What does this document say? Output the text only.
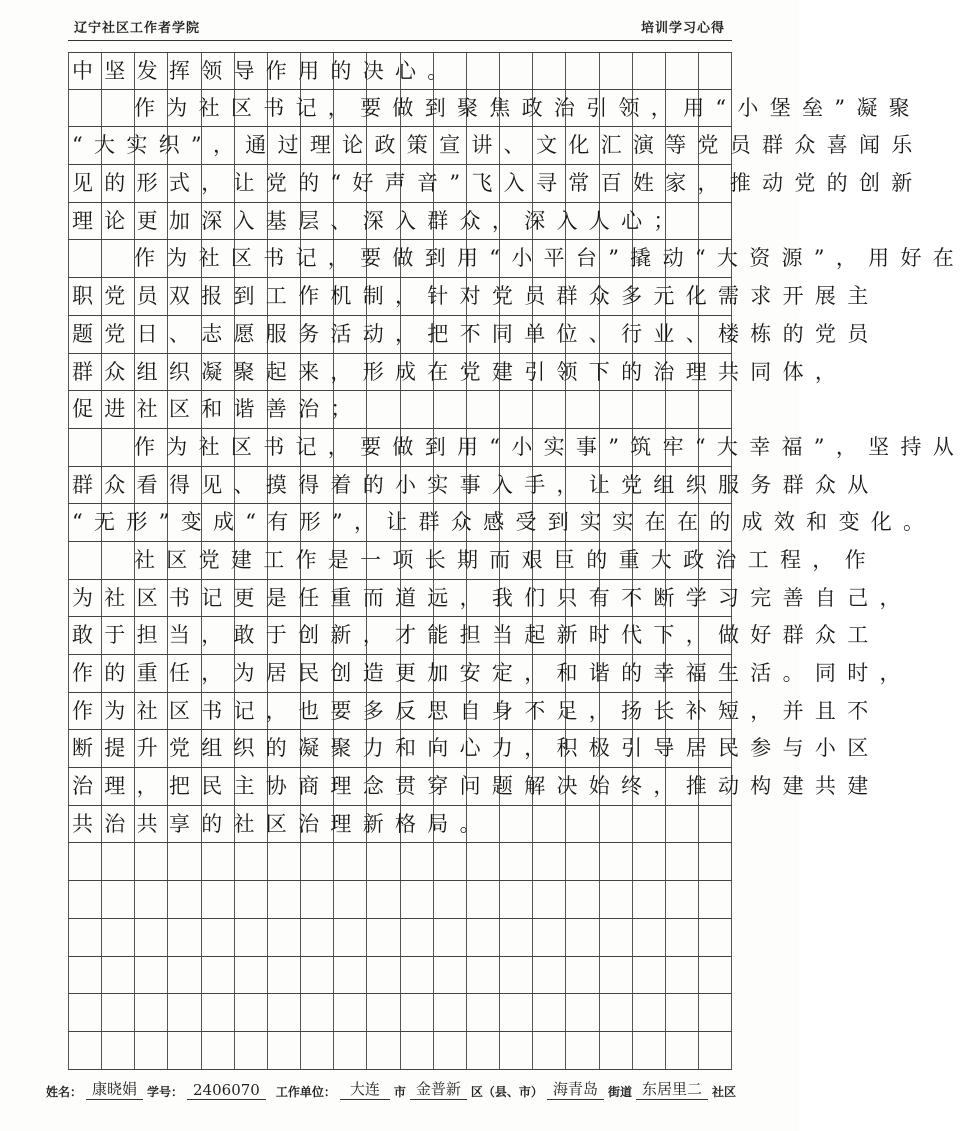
辽宁社区工作者学院	培训学习心得
中坚发挥领导作用的决心。
作为社区书记，要做到聚焦政治引领，用“小堡垒”凝聚
“大实织”，通过理论政策宣讲、文化汇演等党员群众喜闻乐
见的形式，让党的“好声音”飞入寻常百姓家，推动党的创新
理论更加深入基层、深入群众，深入人心；
作为社区书记，要做到用“小平台”撬动“大资源”，用好在
职党员双报到工作机制，针对党员群众多元化需求开展主
题党日、志愿服务活动，把不同单位、行业、楼栋的党员
群众组织凝聚起来，形成在党建引领下的治理共同体，
促进社区和谐善治；
作为社区书记，要做到用“小实事”筑牢“大幸福”，坚持从
群众看得见、摸得着的小实事入手，让党组织服务群众从
“无形”变成“有形”，让群众感受到实实在在的成效和变化。
社区党建工作是一项长期而艰巨的重大政治工程，作
为社区书记更是任重而道远，我们只有不断学习完善自己，
敢于担当，敢于创新，才能担当起新时代下，做好群众工
作的重任，为居民创造更加安定，和谐的幸福生活。同时，
作为社区书记，也要多反思自身不足，扬长补短，并且不
断提升党组织的凝聚力和向心力，积极引导居民参与小区
治理，把民主协商理念贯穿问题解决始终，推动构建共建
共治共享的社区治理新格局。
姓名： 康晓娟 学号： 2406070	工作单位： 大连	市 金普新 区（县、市） 海青岛 街道 东居里二 社区
